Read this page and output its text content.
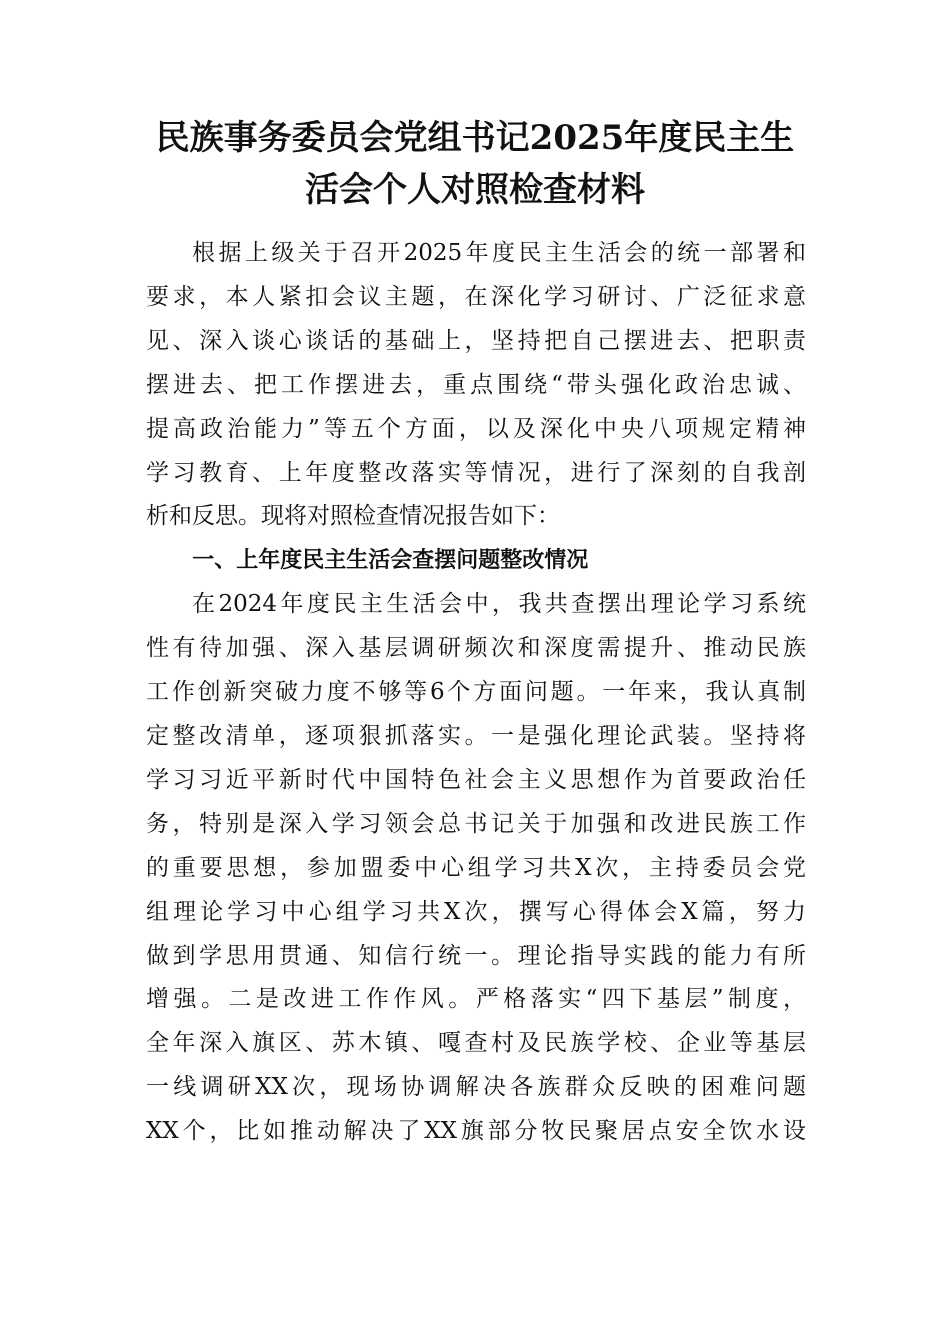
民族事务委员会党组书记2025年度民主生
活会个人对照检查材料

根据上级关于召开2025年度民主生活会的统一部署和
要求，本人紧扣会议主题，在深化学习研讨、广泛征求意
见、深入谈心谈话的基础上，坚持把自己摆进去、把职责
摆进去、把工作摆进去，重点围绕“带头强化政治忠诚、
提高政治能力”等五个方面，以及深化中央八项规定精神
学习教育、上年度整改落实等情况，进行了深刻的自我剖
析和反思。现将对照检查情况报告如下：

一、上年度民主生活会查摆问题整改情况

在2024年度民主生活会中，我共查摆出理论学习系统
性有待加强、深入基层调研频次和深度需提升、推动民族
工作创新突破力度不够等6个方面问题。一年来，我认真制
定整改清单，逐项狠抓落实。一是强化理论武装。坚持将
学习习近平新时代中国特色社会主义思想作为首要政治任
务，特别是深入学习领会总书记关于加强和改进民族工作
的重要思想，参加盟委中心组学习共X次，主持委员会党
组理论学习中心组学习共X次，撰写心得体会X篇，努力
做到学思用贯通、知信行统一。理论指导实践的能力有所
增强。二是改进工作作风。严格落实“四下基层”制度，
全年深入旗区、苏木镇、嘎查村及民族学校、企业等基层
一线调研XX次，现场协调解决各族群众反映的困难问题
XX个，比如推动解决了XX旗部分牧民聚居点安全饮水设
